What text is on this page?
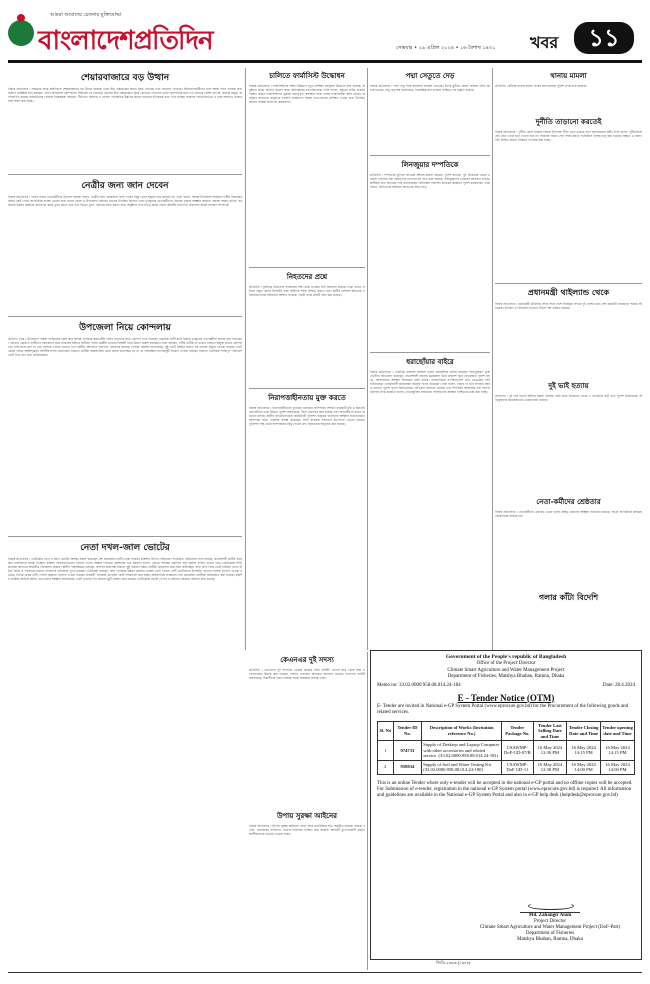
আমরা আমাদের চেতনার মুক্তিযোদ্ধা
বাংলাদেশপ্রতিদিন	সোমবার • ২৯ এপ্রিল ২০২৪ • ১৬ বৈশাখ ১৪৩১ খবর	১১
শেয়ারবাজারে বড় উত্থান
নিজস্ব প্রতিবেদক । সপ্তাহের প্রথম কার্যদিবসে শেয়ারবাজারে বড় উত্থান হয়েছে। ঢাকা স্টক এক্সচেঞ্জের প্রধান সূচক বেড়েছে এবং লেনদেন বেড়েছে। বিনিয়োগকারীদের মধ্যে আস্থা ফিরে এসেছে বলে বাজার সংশ্লিষ্টরা মনে করছেন। এদিন অধিকাংশ কোম্পানির শেয়ারের দর বেড়েছে। চট্টগ্রাম স্টক এক্সচেঞ্জেও সূচক বেড়েছে। লেনদেন হওয়া কোম্পানির মধ্যে দর বেড়েছে বেশির ভাগের, কমেছে কিছুর, অপরিবর্তিত রয়েছে বাকিগুলোর। বাজার বিশ্লেষকরা বলছেন, নীতিগত সহায়তা ও তারল্য পরিস্থিতির উন্নতির কারণে বাজারে ইতিবাচক ধারা দেখা যাচ্ছে। সামনের দিনগুলোতেও এ ধারা অব্যাহত থাকবে বলে আশা করা হচ্ছে।
নেত্রীর জন্য জান দেবেন
নিজস্ব প্রতিবেদক । দলের সভায় নেতাকর্মীদের উদ্দেশে বক্তারা বলেন, নেত্রীর জন্য প্রয়োজনে জান দেবেন কিন্তু দলের শৃঙ্খলা ভঙ্গ করবেন না। তারা বলেন, আসন্ন উপজেলা নির্বাচনে দলীয় সিদ্ধান্তের বাইরে কেউ গেলে সাংগঠনিক ব্যবস্থা নেওয়া হবে। সভায় জেলা ও উপজেলা পর্যায়ের নেতারা উপস্থিত ছিলেন। তারা তৃণমূলের নেতাকর্মীদের ঐক্যবদ্ধ থাকার আহ্বান জানান। বক্তারা আরও বলেন, সরকারের উন্নয়ন কর্মকাণ্ড জনগণের কাছে তুলে ধরতে হবে এবং বিভেদ ভুলে একসঙ্গে কাজ করতে হবে। অনুষ্ঠানে সভাপতিত্ব করেন জেলা কমিটির সভাপতি। সঞ্চালনা করেন সাধারণ সম্পাদক।
উপজেলা নিয়ে কোন্দলায়
প্রতিদিন ডেস্ক । উপজেলা পরিষদ নির্বাচনকে কেন্দ্র করে বিভিন্ন এলাকায় ক্ষমতাসীন দলের নেতাদের মধ্যে কোন্দল দেখা দিয়েছে। একাধিক প্রার্থী মাঠে থাকায় তৃণমূলের নেতাকর্মীরা বিভক্ত হয়ে পড়েছেন। কোথাও কোথাও প্রার্থীদের সমর্থকদের মধ্যে সংঘর্ষের ঘটনাও ঘটেছে। দলের কেন্দ্রীয় নেতারা বিষয়টি নিয়ে উদ্বেগ প্রকাশ করেছেন। তারা বলছেন, দলীয় প্রতীক না থাকায় নির্বাচন উন্মুক্ত হলেও কোন্দল যেন সহিংসতায় রূপ না নেয় সেদিকে খেয়াল রাখতে হবে। স্থানীয় প্রশাসনও নিরাপত্তা জোরদার করেছে। নির্বাচন কমিশন জানিয়েছে, সুষ্ঠু ভোট নিশ্চিত করতে সব ধরনের প্রস্তুতি নেওয়া হয়েছে। ভোটকেন্দ্রে পর্যাপ্ত আইনশৃঙ্খলা বাহিনীর সদস্য মোতায়েন থাকবে। প্রার্থীরা আচরণবিধি মেনে প্রচার চালাচ্ছেন কি না তা পর্যবেক্ষণে ম্যাজিস্ট্রেট নিয়োগ দেওয়া হয়েছে। সাধারণ ভোটাররা শান্তিপূর্ণ পরিবেশে ভোট দিতে চান বলে জানিয়েছেন।
নেতা দখল-জাল ভোটের
নিজস্ব প্রতিবেদক । ভোটকেন্দ্র দখল ও জাল ভোটের আশঙ্কা প্রকাশ করেছেন বেশ কয়েকজন প্রার্থী। তারা নির্বাচন কমিশনে লিখিত অভিযোগ দিয়েছেন। অভিযোগে বলা হয়েছে, প্রভাবশালী প্রার্থীর সমর্থকরা ভোটারদের হুমকি দিচ্ছেন। কমিশন অভিযোগগুলো খতিয়ে দেখার আশ্বাস দিয়েছে। কমিশনের এক কর্মকর্তা বলেন, কোনো অনিয়ম প্রমাণিত হলে কঠোর ব্যবস্থা নেওয়া হবে। ভোটকেন্দ্রে সিসি ক্যামেরা স্থাপনের বিষয়টিও বিবেচনায় রয়েছে। স্থানীয় পর্যবেক্ষকরা বলছেন, প্রশাসন নিরপেক্ষ থাকলে সুষ্ঠু নির্বাচন সম্ভব। প্রার্থীরা প্রচারণায় ব্যস্ত সময় কাটাচ্ছেন। বাড়ি বাড়ি গিয়ে ভোট চাইছেন তারা। উঠান বৈঠক ও পথসভার মাধ্যমে নিজেদের প্রতিশ্রুতি তুলে ধরছেন। ভোটাররা বলছেন, যিনি এলাকার উন্নয়ন করবেন তাকেই ভোট দেবেন। নারী ভোটারদের উপস্থিতি বাড়াতে বিশেষ উদ্যোগ নেওয়া হয়েছে। বিভিন্ন কেন্দ্রে নারী পোলিং কর্মকর্তা নিয়োগ দেওয়া হয়েছে। নির্বাচনী এলাকায় মোবাইল কোর্ট পরিচালনা করা হচ্ছে। আচরণবিধি লঙ্ঘনের দায়ে কয়েকজন প্রার্থীকে জরিমানাও করা হয়েছে। কমিশন সংশ্লিষ্ট সবাইকে আইন মেনে চলার আহ্বান জানিয়েছে। ভোট গ্রহণের দিন সাধারণ ছুটি ঘোষণা করা হয়েছে। ভোটকেন্দ্রে ব্যালট পেপার ও অন্যান্য সরঞ্জাম পাঠানো শুরু হয়েছে।
চালিতে ফার্মাসিস্ট উদ্ধোধন
নিজস্ব প্রতিবেদক । ফার্মাসিস্টদের দক্ষতা উন্নয়নে নতুন প্রশিক্ষণ কর্মসূচির উদ্বোধন করা হয়েছে। অনুষ্ঠানে প্রধান অতিথি ছিলেন স্বাস্থ্য অধিদপ্তরের মহাপরিচালক। তিনি বলেন, ওষুধের সঠিক ব্যবহার নিশ্চিত করতে ফার্মাসিস্টদের ভূমিকা গুরুত্বপূর্ণ। প্রশিক্ষণে সারা দেশের ফার্মাসিস্টরা অংশ নেবেন। কর্মসূচির আওতায় আধুনিক ফার্মেসি ব্যবস্থাপনা বিষয়ে হাতে-কলমে প্রশিক্ষণ দেওয়া হবে। উপস্থিত ছিলেন সংশ্লিষ্ট বিভাগের কর্মকর্তারা।
নিহতদের প্রশ্নে
প্রতিনিধি । দুর্ঘটনায় নিহতদের পরিবারের পক্ষ থেকে তদন্তের দাবি জানানো হয়েছে। তারা বলেন, ঘটনার প্রকৃত কারণ উদঘাটন করে দায়ীদের শাস্তি নিশ্চিত করতে হবে। স্থানীয় প্রশাসন ক্ষতিগ্রস্ত পরিবারগুলোকে সহায়তার আশ্বাস দিয়েছে। একটি তদন্ত কমিটি গঠন করা হয়েছে।
নিরাপত্তাহীনতায় মুক্ত করতে
নিজস্ব প্রতিবেদক । নিরাপত্তাহীনতায় ভুগছেন এলাকার বাসিন্দারা। সম্প্রতি কয়েকটি চুরি ও ছিনতাইয়ের ঘটনায় তারা উদ্বিগ্ন। পুলিশ জানিয়েছে, টহল জোরদার করা হয়েছে এবং অপরাধীদের ধরতে অভিযান চলছে। স্থানীয় জনপ্রতিনিধিরা কমিউনিটি পুলিশিং কার্যক্রম বাড়ানোর আহ্বান জানিয়েছেন। বাসিন্দারা রাতে পাহারার ব্যবস্থা করেছেন। সিসি ক্যামেরা বসানোর উদ্যোগও নেওয়া হয়েছে। পুলিশের পক্ষ থেকে সন্দেহজনক কিছু দেখলে দ্রুত জানানোর অনুরোধ করা হয়েছে।
পদ্মা সেতুতে দেড়
নিজস্ব প্রতিবেদক । পদ্মা সেতু দিয়ে যানবাহন চলাচল বেড়েছে। ঈদের ছুটিতে রেকর্ড পরিমাণ টোল আদায় হয়েছে। সেতু কর্তৃপক্ষ জানিয়েছে, নিরবচ্ছিন্ন যান চলাচল নিশ্চিতে সব প্রস্তুতি রয়েছে।
লিনজুয়ার দম্পতিকে
প্রতিনিধি । দম্পতিকে কুপিয়ে জখমের ঘটনায় মামলা হয়েছে। পুলিশ জানায়, পূর্ব বিরোধের জেরে এ হামলা চালানো হয়। আহতদের হাসপাতালে ভর্তি করা হয়েছে। অভিযুক্তদের গ্রেপ্তারে অভিযান চলছে। স্থানীয়রা দ্রুত বিচারের দাবি জানিয়েছেন। ঘটনাস্থল পরিদর্শন করেছেন ঊর্ধ্বতন পুলিশ কর্মকর্তারা। তারা বলেন, জড়িতদের আইনের আওতায় আনা হবে।
ধরাছোঁয়ার বাইরে
নিজস্ব প্রতিবেদক । একাধিক মামলার আসামি হয়েও ধরাছোঁয়ার বাইরে রয়েছেন অভিযুক্তরা। ভুক্তভোগীরা অভিযোগ করেছেন, প্রভাবশালী মহলের ছত্রছায়ায় তারা প্রকাশ্যে ঘুরে বেড়াচ্ছেন। পুলিশ বলছে, আসামিদের অবস্থান শনাক্তের চেষ্টা চলছে। মানবাধিকার সংগঠনগুলো দ্রুত গ্রেপ্তারের দাবি জানিয়েছে। এলাকাবাসী মানববন্ধন কর্মসূচি পালন করেছেন। তারা বলেন, বিচার না হলে অপরাধ আরও বাড়বে। পুলিশ সুপার জানিয়েছেন, অভিযান অব্যাহত রয়েছে এবং শিগগিরই আসামিরা ধরা পড়বে। মামলার তদন্ত কর্মকর্তা বলেন, তথ্যপ্রযুক্তির সহায়তায় আসামিদের অবস্থান নিশ্চিতের চেষ্টা করা হচ্ছে।
থানায় মামলা
প্রতিনিধি । ঘটনায় থানায় মামলা দায়ের করা হয়েছে। পুলিশ তদন্ত শুরু করেছে।
দুর্নীতি তাড়ানো করতেই
নিজস্ব প্রতিবেদক । দুর্নীতি দমনে সরকার জিরো টলারেন্স নীতি গ্রহণ করেছে বলে জানিয়েছেন মন্ত্রী। তিনি বলেন, দুর্নীতিবাজ যেই হোক তাকে ছাড় দেওয়া হবে না। সরকারি দপ্তরে সেবা সহজ করতে ডিজিটাল ব্যবস্থা চালু করা হয়েছে। স্বচ্ছতা ও জবাবদিহি নিশ্চিত করতে নিয়মিত তদারকি করা হচ্ছে।
প্রধানমন্ত্রী থাইল্যান্ড থেকে
নিজস্ব প্রতিবেদক । প্রধানমন্ত্রী থাইল্যান্ড সফর শেষে দেশে ফিরছেন। সফরে দুই দেশের মধ্যে বেশ কয়েকটি সমঝোতা স্মারক সই হয়েছে। বাণিজ্য ও বিনিয়োগ বাড়াতে উভয় পক্ষ একমত হয়েছে।
দুই ভাই হত্যায়
প্রতিনিধি । দুই ভাই হত্যার ঘটনায় মামলা হয়েছে। জমি নিয়ে বিরোধের জেরে এ হত্যাকাণ্ড ঘটে বলে পুলিশ জানিয়েছে। অভিযুক্তদের কয়েকজনকে গ্রেপ্তার করা হয়েছে।
নেতা-কর্মীদের শ্রেষ্ঠতার
নিজস্ব প্রতিবেদক । নেতাকর্মীদের ঐক্যবদ্ধ থেকে দলের শ্রেষ্ঠত্ব প্রমাণের আহ্বান জানানো হয়েছে। সভায় সাংগঠনিক কার্যক্রম জোরদারের সিদ্ধান্ত হয়।
গলার কাঁটা বিদেশি
কেএনএর দুই সদস্য
প্রতিনিধি । কেএনএর দুই সদস্যকে গ্রেপ্তার করেছে যৌথ বাহিনী। তাদের কাছ থেকে অস্ত্র ও গোলাবারুদ উদ্ধার করা হয়েছে। পাহাড়ি এলাকায় অভিযান অব্যাহত রয়েছে। নিরাপত্তা বাহিনী জানিয়েছে, সন্ত্রাসীদের দমনে সর্বোচ্চ সতর্ক অবস্থানে রয়েছে তারা।
উপায় সুরক্ষা আইনের
নিজস্ব প্রতিবেদক । উপাত্ত সুরক্ষা আইনের খসড়া নিয়ে মতবিনিময় সভা অনুষ্ঠিত হয়েছে। বক্তারা বলেন, নাগরিকের ব্যক্তিগত তথ্যের নিরাপত্তা নিশ্চিত করা জরুরি। আইনটি যুগোপযোগী করতে অংশীজনদের মতামত নেওয়া হচ্ছে।
Government of the People's republic of Bangladesh
Office of the Project Director
Climate Smart Agriculture and Water Management Project
Department of Fisheries, Matshya Bhaban, Ramna, Dhaka
Memo no: 33.02.0000.958.08.014.24-184	Date: 28.4.2024
E - Tender Notice (OTM)
E- Tender are invited in National e-GP System Portal (www.eprocure.gov.bd) for the Procurement of the following goods and related services.
Sl. No	Tender ID No.	Description of Works (Invitation reference No.)	Tender Package No.	Tender Last Selling Date and Time	Tender Closing Date and Time	Tender opening date and Time
1	974733	Supply of Desktop and Laptop Computer with other accessories and related service. (33.02.0000.958.08.014.24-181)	CSAWMP-DoF-GD-07/B	16 May 2024 12:30 PM	16 May 2024 14:15 PM	16 May 2024 14:15 PM
2	958834	Supply of Soil and Water Testing Kit (33.02.0000.958.08.014.24-180)	CSAWMP-DoF GD-11	16 May 2024 12:30 PM	16 May 2024 14:00 PM	16 May 2024 14:00 PM
This is an online Tender where only e-tender will be accepted in the national e-GP portal and no offline copies will be accepted. For Submission of e-tender, registration in the national e-GP System portal (www.eprocure.gov.bd) is required. All information and guidelines are available in the National e-GP System Portal and also in e-GP help desk (helpdesk@eprocure.gov.bd)
Md. Zahangir Alam
Project Director
Climate Smart Agriculture and Water Management Project (DoF-Part)
Department of Fisheries
Matshya Bhaban, Ramna, Dhaka
জিডি-২৩৯৬ (১৬×৪)
